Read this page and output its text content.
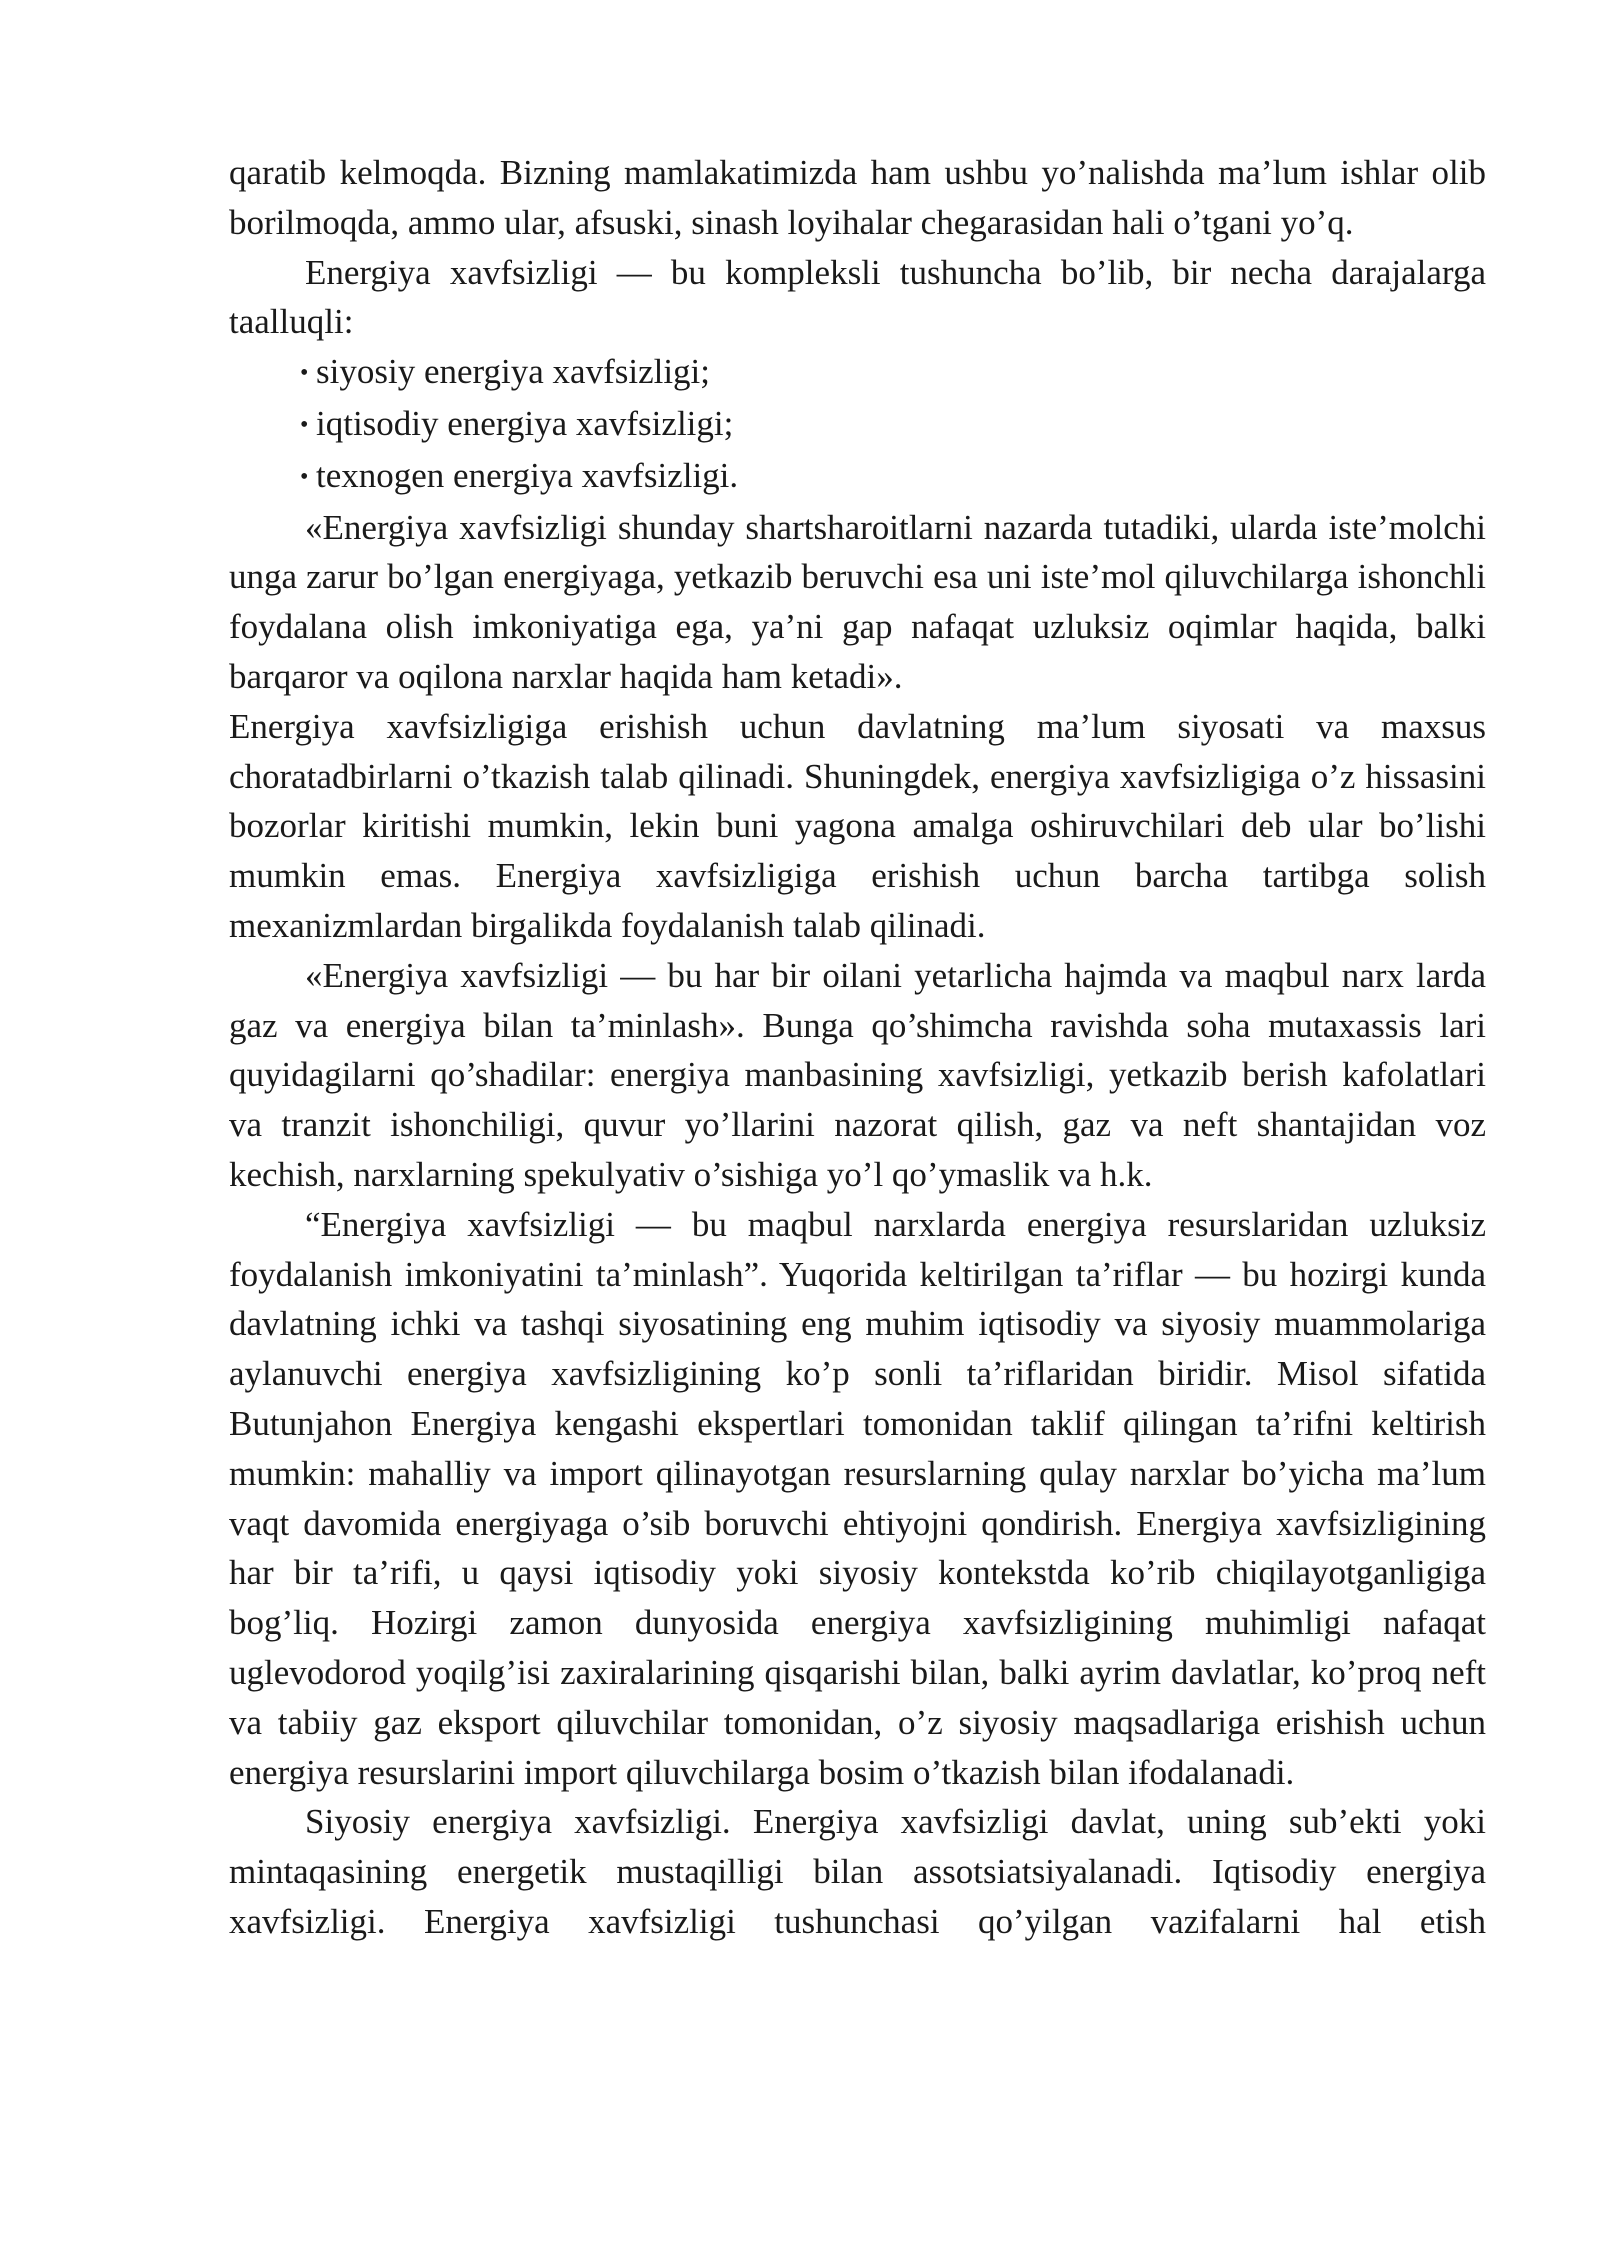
qaratib kelmoqda. Bizning mamlakatimizda ham ushbu yo’nalishda ma’lum ishlar olib borilmoqda, ammo ular, afsuski, sinash loyihalar chegarasidan hali o’tgani yo’q.

Energiya xavfsizligi — bu kompleksli tushuncha bo’lib, bir necha darajalarga taalluqli:

• siyosiy energiya xavfsizligi;

• iqtisodiy energiya xavfsizligi;

• texnogen energiya xavfsizligi.

«Energiya xavfsizligi shunday shartsharoitlarni nazarda tutadiki, ularda iste’molchi unga zarur bo’lgan energiyaga, yetkazib beruvchi esa uni iste’mol qiluvchilarga ishonchli foydalana olish imkoniyatiga ega, ya’ni gap nafaqat uzluksiz oqimlar haqida, balki barqaror va oqilona narxlar haqida ham ketadi».

Energiya xavfsizligiga erishish uchun davlatning ma’lum siyosati va maxsus choratadbirlarni o’tkazish talab qilinadi. Shuningdek, energiya xavfsizligiga o’z hissasini bozorlar kiritishi mumkin, lekin buni yagona amalga oshiruvchilari deb ular bo’lishi mumkin emas. Energiya xavfsizligiga erishish uchun barcha tartibga solish mexanizmlardan birgalikda foydalanish talab qilinadi.

«Energiya xavfsizligi — bu har bir oilani yetarlicha hajmda va maqbul narx larda gaz va energiya bilan ta’minlash». Bunga qo’shimcha ravishda soha mutaxassis lari quyidagilarni qo’shadilar: energiya manbasining xavfsizligi, yetkazib berish kafolatlari va tranzit ishonchiligi, quvur yo’llarini nazorat qilish, gaz va neft shantajidan voz kechish, narxlarning spekulyativ o’sishiga yo’l qo’ymaslik va h.k.

“Energiya xavfsizligi — bu maqbul narxlarda energiya resurslaridan uzluksiz foydalanish imkoniyatini ta’minlash”. Yuqorida keltirilgan ta’riflar — bu hozirgi kunda davlatning ichki va tashqi siyosatining eng muhim iqtisodiy va siyosiy muammolariga aylanuvchi energiya xavfsizligining ko’p sonli ta’riflaridan biridir. Misol sifatida Butunjahon Energiya kengashi ekspertlari tomonidan taklif qilingan ta’rifni keltirish mumkin: mahalliy va import qilinayotgan resurslarning qulay narxlar bo’yicha ma’lum vaqt davomida energiyaga o’sib boruvchi ehtiyojni qondirish. Energiya xavfsizligining har bir ta’rifi, u qaysi iqtisodiy yoki siyosiy kontekstda ko’rib chiqilayotganligiga bog’liq. Hozirgi zamon dunyosida energiya xavfsizligining muhimligi nafaqat uglevodorod yoqilg’isi zaxiralarining qisqarishi bilan, balki ayrim davlatlar, ko’proq neft va tabiiy gaz eksport qiluvchilar tomonidan, o’z siyosiy maqsadlariga erishish uchun energiya resurslarini import qiluvchilarga bosim o’tkazish bilan ifodalanadi.

Siyosiy energiya xavfsizligi. Energiya xavfsizligi davlat, uning sub’ekti yoki mintaqasining energetik mustaqilligi bilan assotsiatsiyalanadi. Iqtisodiy energiya xavfsizligi. Energiya xavfsizligi tushunchasi qo’yilgan vazifalarni hal etish
